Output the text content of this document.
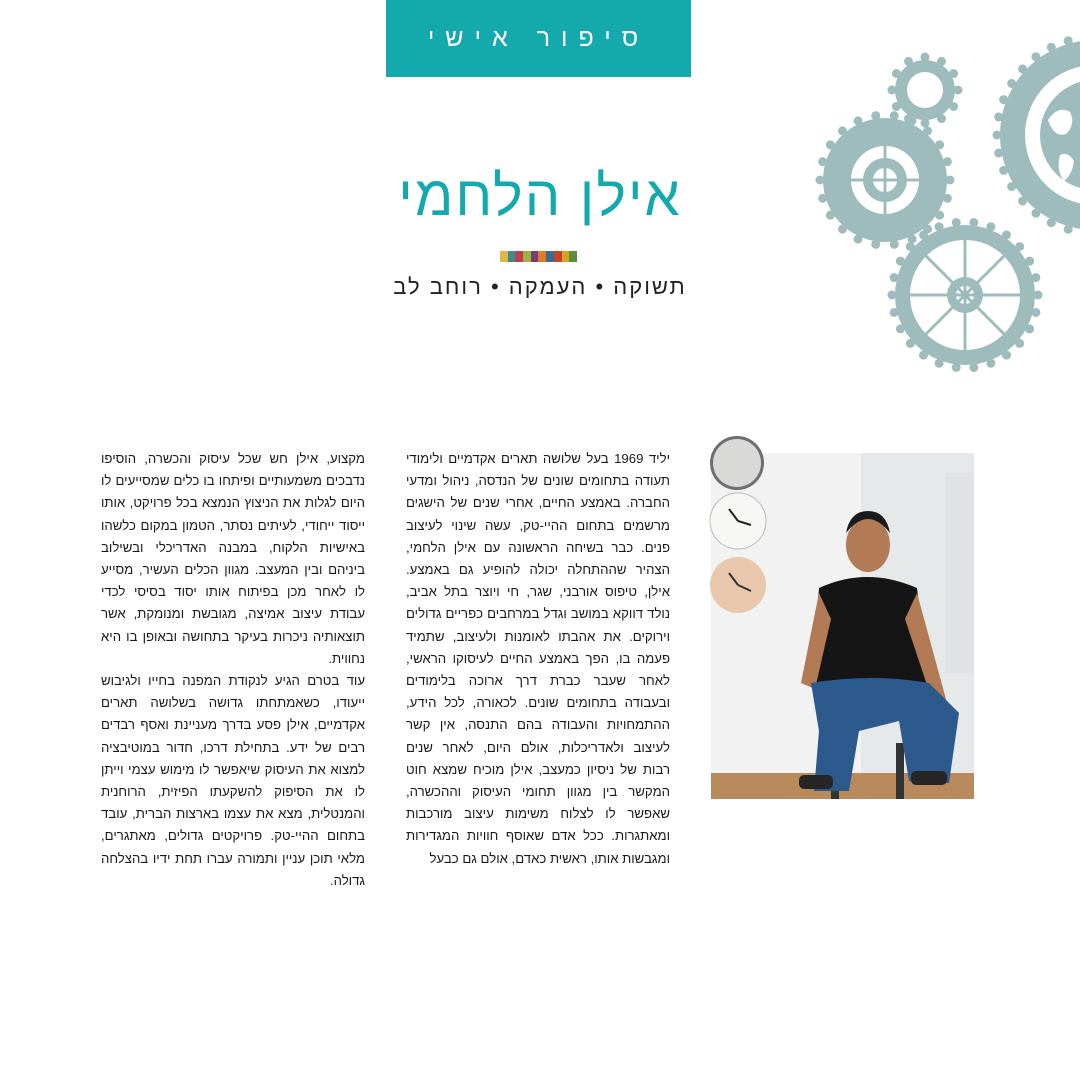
סיפור אישי
אילן הלחמי
תשוקה • העמקה • רוחב לב

יליד 1969 בעל שלושה תארים אקדמיים ולימודי תעודה בתחומים שונים של הנדסה, ניהול ומדעי החברה. באמצע החיים, אחרי שנים של הישגים מרשמים בתחום ההיי-טק, עשה שינוי לעיצוב פנים. כבר בשיחה הראשונה עם אילן הלחמי, הצהיר שההתחלה יכולה להופיע גם באמצע. אילן, טיפוס אורבני, שגר, חי ויוצר בתל אביב, נולד דווקא במושב וגדל במרחבים כפריים גדולים וירוקים. את אהבתו לאומנות ולעיצוב, שתמיד פעמה בו, הפך באמצע החיים לעיסוקו הראשי, לאחר שעבר כברת דרך ארוכה בלימודים ובעבודה בתחומים שונים. לכאורה, לכל הידע, ההתמחויות והעבודה בהם התנסה, אין קשר לעיצוב ולאדריכלות, אולם היום, לאחר שנים רבות של ניסיון כמעצב, אילן מוכיח שמצא חוט המקשר בין מגוון תחומי העיסוק וההכשרה, שאפשר לו לצלוח משימות עיצוב מורכבות ומאתגרות. ככל אדם שאוסף חוויות המגדירות ומגבשות אותו, ראשית כאדם, אולם גם כבעל

מקצוע, אילן חש שכל עיסוק והכשרה, הוסיפו נדבכים משמעותיים ופיתחו בו כלים שמסייעים לו היום לגלות את הניצוץ הנמצא בכל פרויקט, אותו ייסוד ייחודי, לעיתים נסתר, הטמון במקום כלשהו באישיות הלקוח, במבנה האדריכלי ובשילוב ביניהם ובין המעצב. מגוון הכלים העשיר, מסייע לו לאחר מכן בפיתוח אותו יסוד בסיסי לכדי עבודת עיצוב אמיצה, מגובשת ומנומקת, אשר תוצאותיה ניכרות בעיקר בתחושה ובאופן בו היא נחווית.

עוד בטרם הגיע לנקודת המפנה בחייו ולגיבוש ייעודו, כשאמתחתו גדושה בשלושה תארים אקדמיים, אילן פסע בדרך מעניינת ואסף רבדים רבים של ידע. בתחילת דרכו, חדור במוטיבציה למצוא את העיסוק שיאפשר לו מימוש עצמי וייתן לו את הסיפוק להשקעתו הפיזית, הרוחנית והמנטלית, מצא את עצמו בארצות הברית, עובד בתחום ההיי-טק. פרויקטים גדולים, מאתגרים, מלאי תוכן עניין ותמורה עברו תחת ידיו בהצלחה גדולה.
